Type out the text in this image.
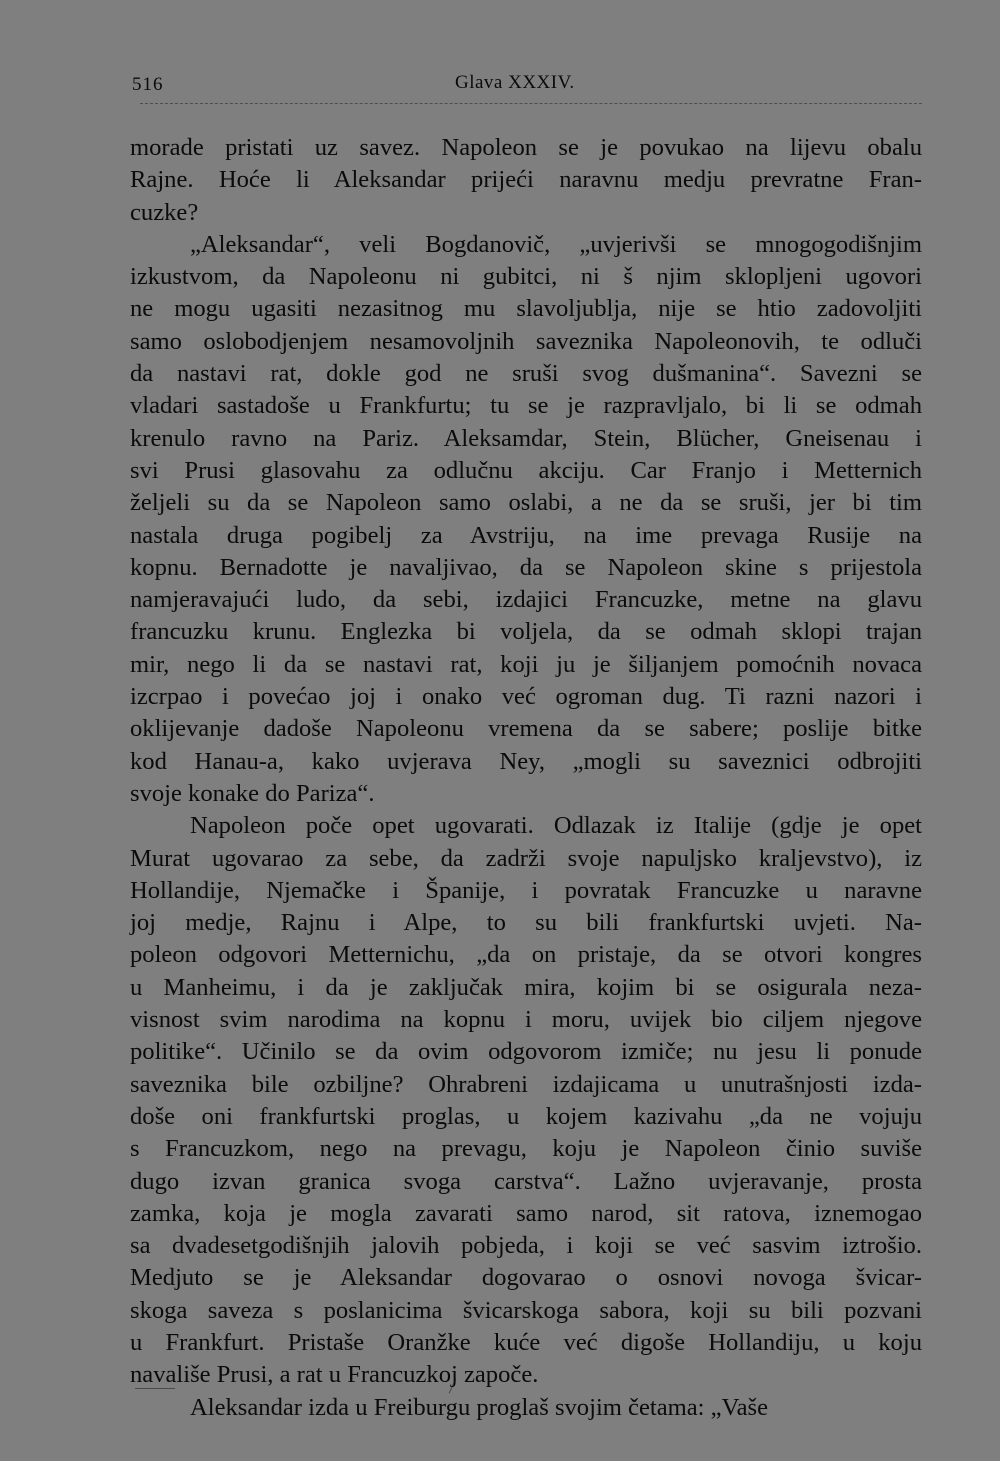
516	Glava XXXIV.

morade pristati uz savez. Napoleon se je povukao na lijevu obalu

Rajne. Hoće li Aleksandar prijeći naravnu medju prevratne Fran-

cuzke?

„Aleksandar“, veli Bogdanovič, „uvjerivši se mnogogodišnjim

izkustvom, da Napoleonu ni gubitci, ni š njim sklopljeni ugovori

ne mogu ugasiti nezasitnog mu slavoljublja, nije se htio zadovoljiti

samo oslobodjenjem nesamovoljnih saveznika Napoleonovih, te odluči

da nastavi rat, dokle god ne sruši svog dušmanina“. Savezni se

vladari sastadoše u Frankfurtu; tu se je razpravljalo, bi li se odmah

krenulo ravno na Pariz. Aleksamdar, Stein, Blücher, Gneisenau i

svi Prusi glasovahu za odlučnu akciju. Car Franjo i Metternich

željeli su da se Napoleon samo oslabi, a ne da se sruši, jer bi tim

nastala druga pogibelj za Avstriju, na ime prevaga Rusije na

kopnu. Bernadotte je navaljivao, da se Napoleon skine s prijestola

namjeravajući ludo, da sebi, izdajici Francuzke, metne na glavu

francuzku krunu. Englezka bi voljela, da se odmah sklopi trajan

mir, nego li da se nastavi rat, koji ju je šiljanjem pomoćnih novaca

izcrpao i povećao joj i onako već ogroman dug. Ti razni nazori i

oklijevanje dadoše Napoleonu vremena da se sabere; poslije bitke

kod Hanau-a, kako uvjerava Ney, „mogli su saveznici odbrojiti

svoje konake do Pariza“.

Napoleon poče opet ugovarati. Odlazak iz Italije (gdje je opet

Murat ugovarao za sebe, da zadrži svoje napuljsko kraljevstvo), iz

Hollandije, Njemačke i Španije, i povratak Francuzke u naravne

joj medje, Rajnu i Alpe, to su bili frankfurtski uvjeti. Na-

poleon odgovori Metternichu, „da on pristaje, da se otvori kongres

u Manheimu, i da je zaključak mira, kojim bi se osigurala neza-

visnost svim narodima na kopnu i moru, uvijek bio ciljem njegove

politike“. Učinilo se da ovim odgovorom izmiče; nu jesu li ponude

saveznika bile ozbiljne? Ohrabreni izdajicama u unutrašnjosti izda-

doše oni frankfurtski proglas, u kojem kazivahu „da ne vojuju

s Francuzkom, nego na prevagu, koju je Napoleon činio suviše

dugo izvan granica svoga carstva“. Lažno uvjeravanje, prosta

zamka, koja je mogla zavarati samo narod, sit ratova, iznemogao

sa dvadesetgodišnjih jalovih pobjeda, i koji se već sasvim iztrošio.

Medjuto se je Aleksandar dogovarao o osnovi novoga švicar-

skoga saveza s poslanicima švicarskoga sabora, koji su bili pozvani

u Frankfurt. Pristaše Oranžke kuće već digoše Hollandiju, u koju

navališe Prusi, a rat u Francuzkoj započe.

Aleksandar izda u Freiburgu proglaš svojim četama: „Vaše
